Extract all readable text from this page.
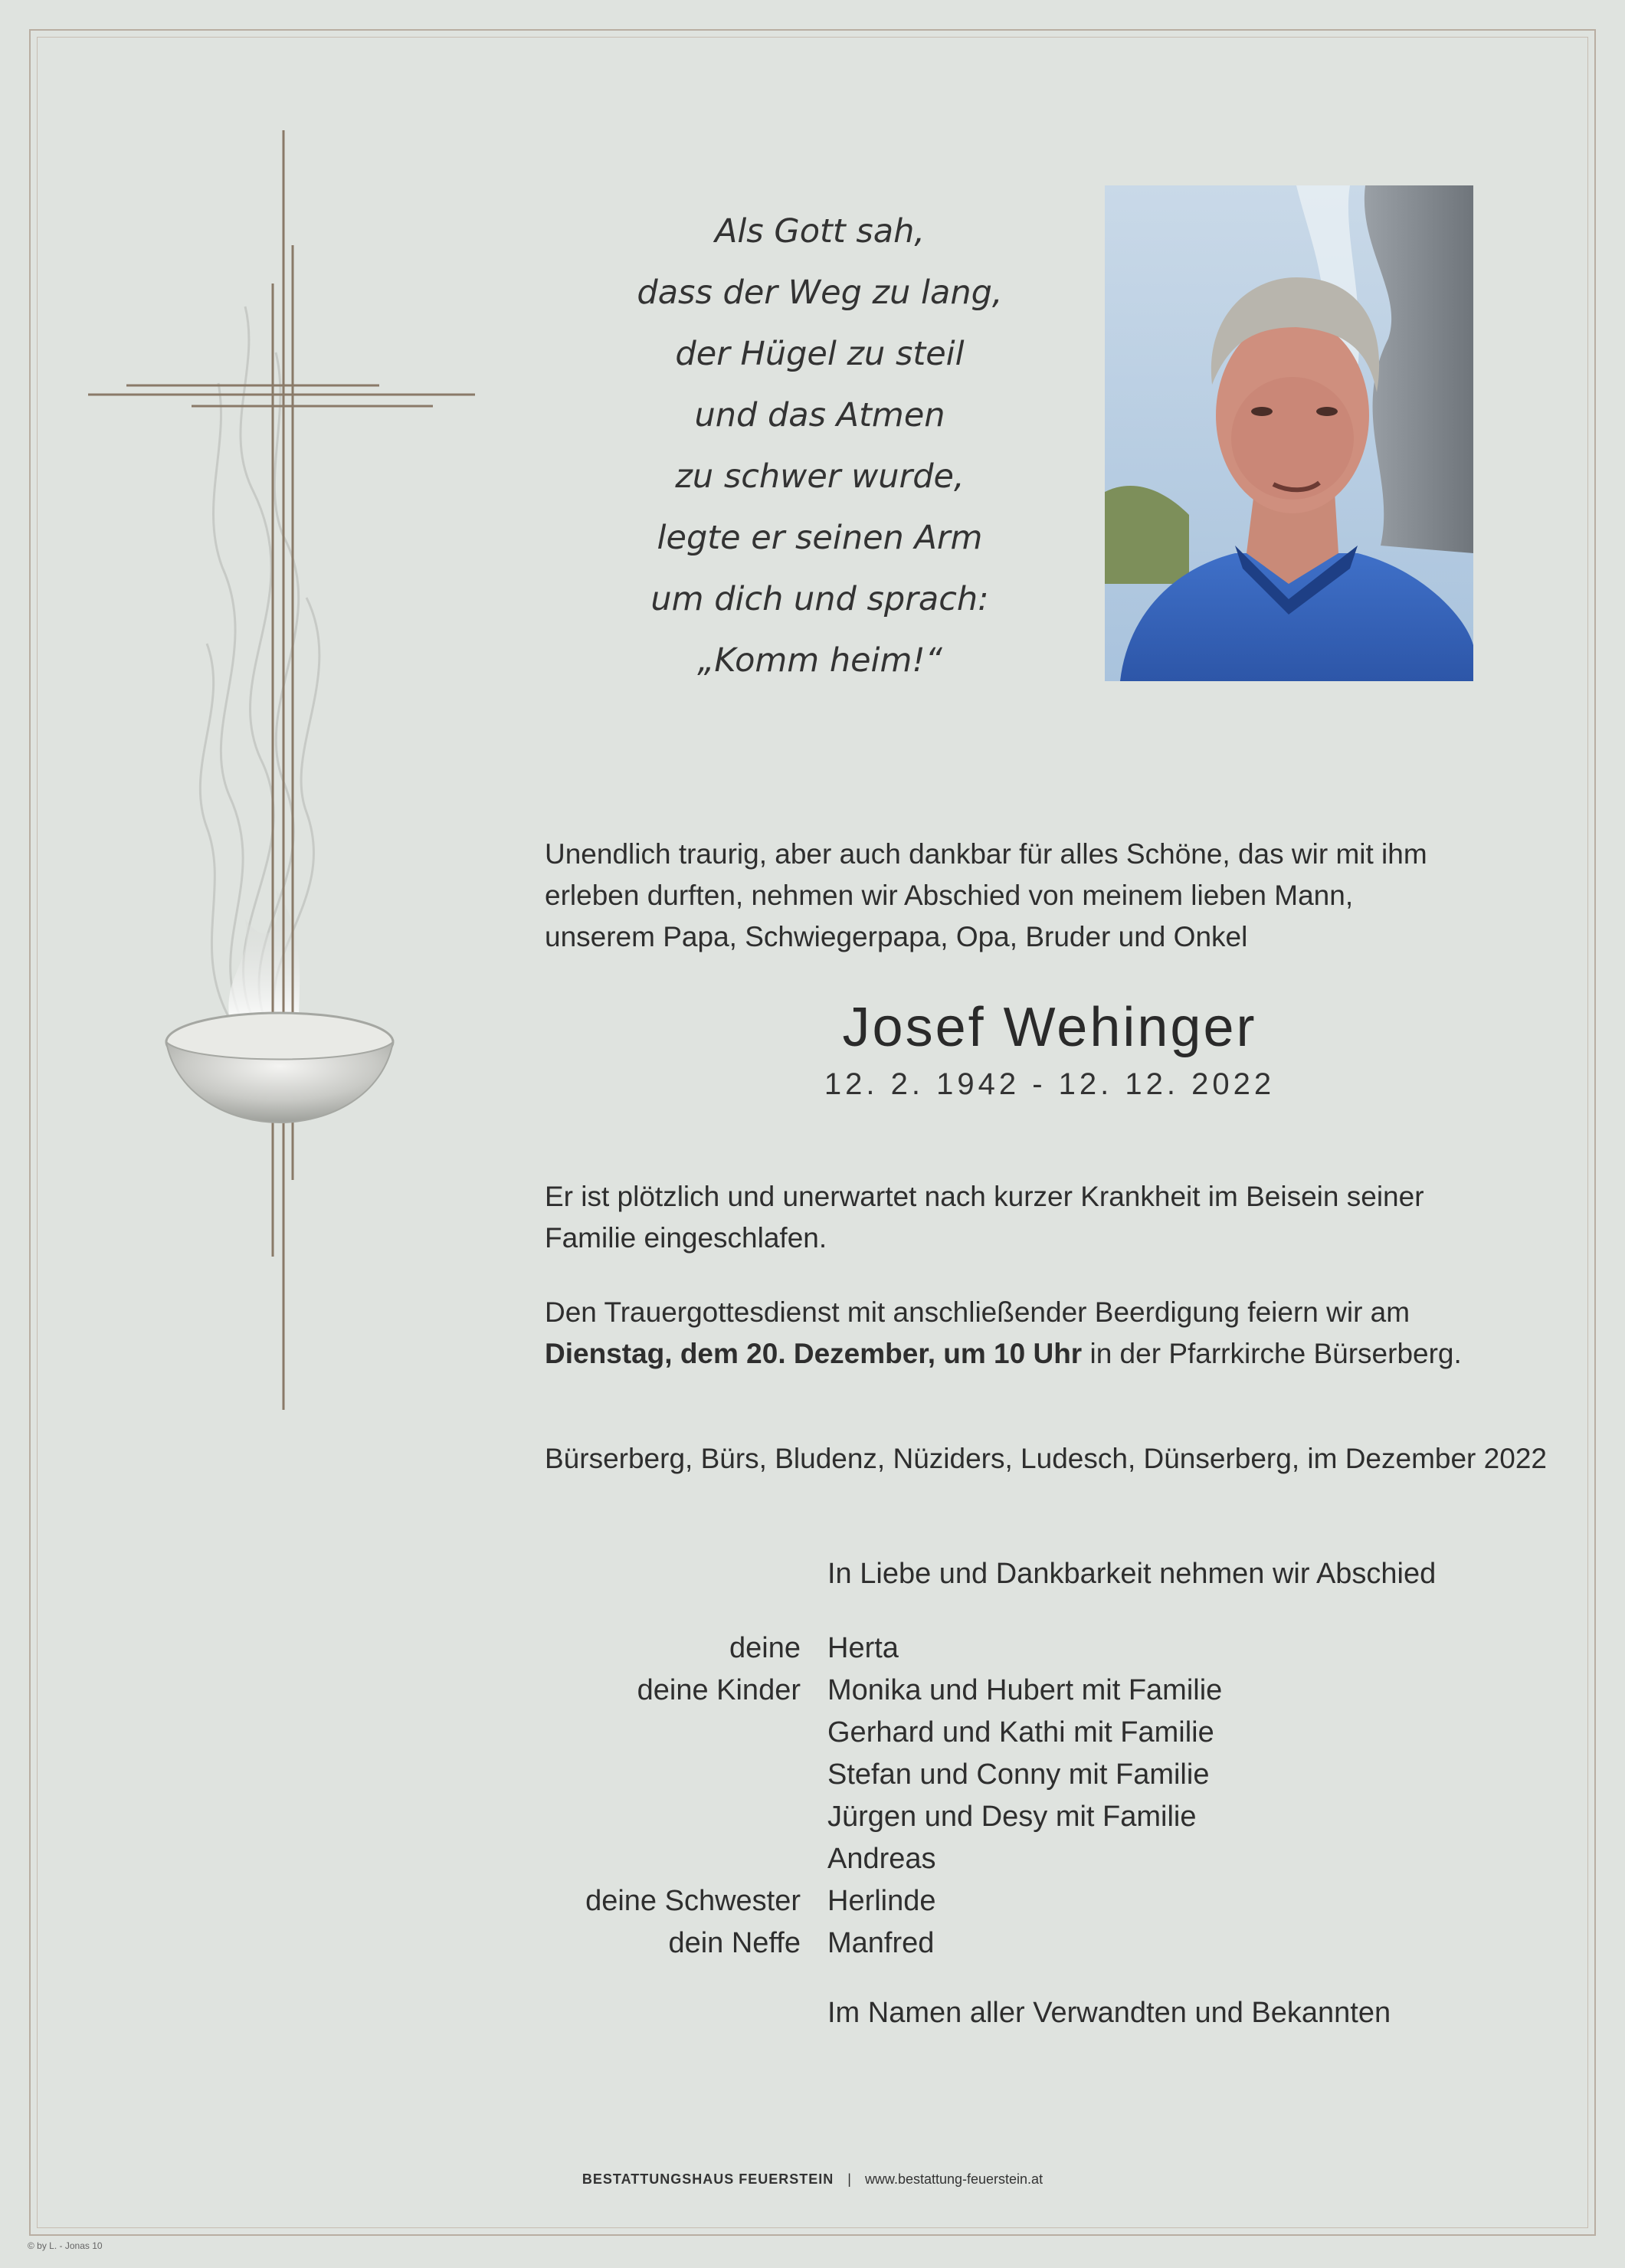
Als Gott sah,
dass der Weg zu lang,
der Hügel zu steil
und das Atmen
zu schwer wurde,
legte er seinen Arm
um dich und sprach:
„Komm heim!“
Unendlich traurig, aber auch dankbar für alles Schöne, das wir mit ihm
erleben durften, nehmen wir Abschied von meinem lieben Mann,
unserem Papa, Schwiegerpapa, Opa, Bruder und Onkel
Josef Wehinger
12. 2. 1942 - 12. 12. 2022
Er ist plötzlich und unerwartet nach kurzer Krankheit im Beisein seiner
Familie eingeschlafen.
Den Trauergottesdienst mit anschließender Beerdigung feiern wir am
Dienstag, dem 20. Dezember, um 10 Uhr in der Pfarrkirche Bürserberg.
Bürserberg, Bürs, Bludenz, Nüziders, Ludesch, Dünserberg, im Dezember 2022
In Liebe und Dankbarkeit nehmen wir Abschied
deine
deine Kinder
deine Schwester
dein Neffe
Herta
Monika und Hubert mit Familie
Gerhard und Kathi mit Familie
Stefan und Conny mit Familie
Jürgen und Desy mit Familie
Andreas
Herlinde
Manfred
Im Namen aller Verwandten und Bekannten
BESTATTUNGSHAUS FEUERSTEIN | www.bestattung-feuerstein.at
© by L. - Jonas 10
